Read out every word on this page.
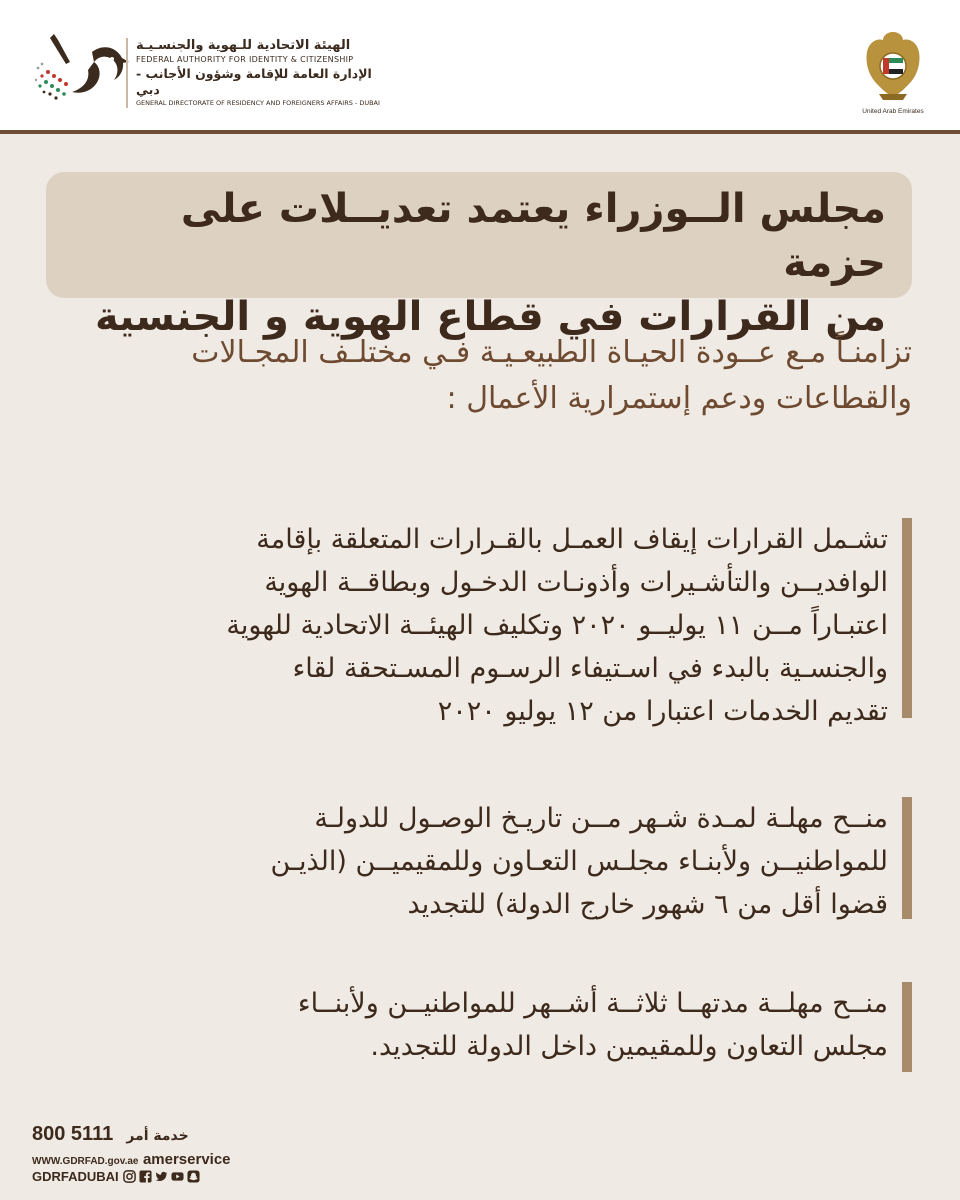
الهيئة الاتحادية للـهوية والجنسـيـة
FEDERAL AUTHORITY FOR IDENTITY & CITIZENSHIP
الإدارة العامة للإقامة وشؤون الأجانب - دبي
GENERAL DIRECTORATE OF RESIDENCY AND FOREIGNERS AFFAIRS - DUBAI
United Arab Emirates
مجلس الــوزراء يعتمد تعديــلات على حزمة
من القرارات في قطاع الهوية و الجنسية
تزامنـاً مـع عــودة الحيـاة الطبيعـيـة فـي مختلـف المجـالات
والقطاعات ودعم إستمرارية الأعمال :
تشـمل القرارات إيقاف العمـل بالقـرارات المتعلقة بإقامة
الوافديــن والتأشـيرات وأذونـات الدخـول وبطاقــة الهوية
اعتبـاراً مــن ١١ يوليــو ٢٠٢٠ وتكليف الهيئــة الاتحادية للهوية
والجنسـية بالبدء في اسـتيفاء الرسـوم المسـتحقة لقاء
تقديم الخدمات اعتبارا من ١٢ يوليو ٢٠٢٠
منــح مهلـة لمـدة شـهر مــن تاريـخ الوصـول للدولـة
للمواطنيــن ولأبنـاء مجلـس التعـاون وللمقيميــن (الذيـن
قضوا أقل من ٦ شهور خارج الدولة) للتجديد
منــح مهلــة مدتهــا ثلاثــة أشــهر للمواطنيــن ولأبنــاء
مجلس التعاون وللمقيمين داخل الدولة للتجديد.
800 5111 خدمة أمر
WWW.GDRFAD.gov.ae amerservice
GDRFADUBAI
